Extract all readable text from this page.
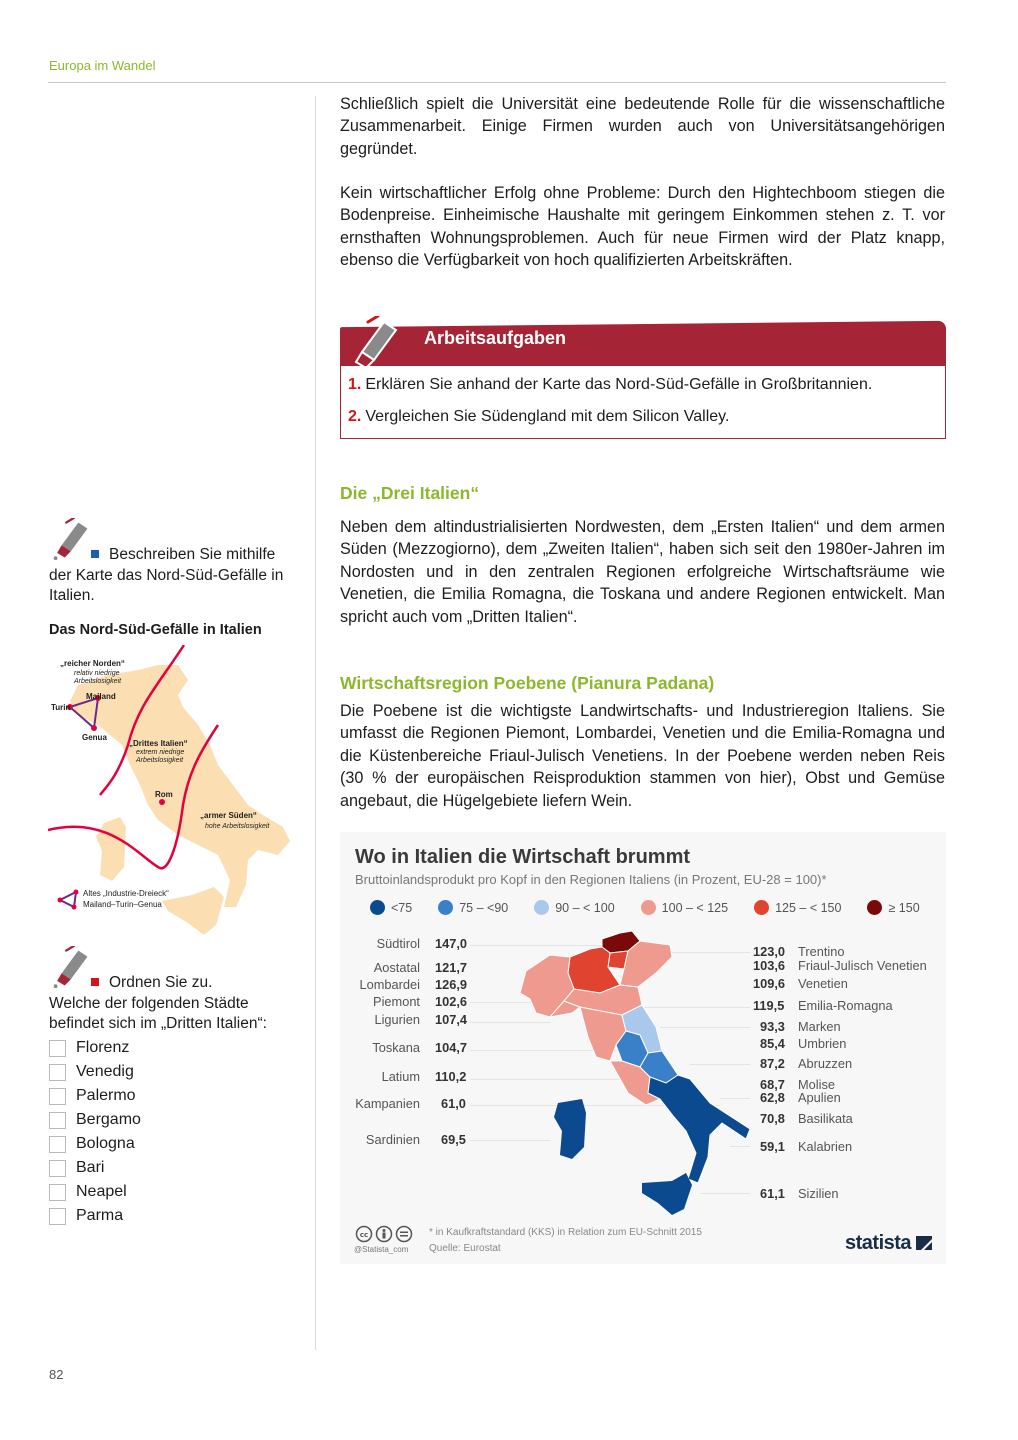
Europa im Wandel

Schließlich spielt die Universität eine bedeutende Rolle für die wissenschaftliche Zusammenarbeit. Einige Firmen wurden auch von Universitätsangehörigen gegründet.

Kein wirtschaftlicher Erfolg ohne Probleme: Durch den Hightechboom stiegen die Bodenpreise. Einheimische Haushalte mit geringem Einkommen stehen z. T. vor ernsthaften Wohnungsproblemen. Auch für neue Firmen wird der Platz knapp, ebenso die Verfügbarkeit von hoch qualifizierten Arbeitskräften.

Arbeitsaufgaben
1. Erklären Sie anhand der Karte das Nord-Süd-Gefälle in Großbritannien.
2. Vergleichen Sie Südengland mit dem Silicon Valley.
Die „Drei Italien“

Neben dem altindustrialisierten Nordwesten, dem „Ersten Italien“ und dem armen Süden (Mezzogiorno), dem „Zweiten Italien“, haben sich seit den 1980er-Jahren im Nordosten und in den zentralen Regionen erfolgreiche Wirtschaftsräume wie Venetien, die Emilia Romagna, die Toskana und andere Regionen entwickelt. Man spricht auch vom „Dritten Italien“.

Wirtschaftsregion Poebene (Pianura Padana)

Die Poebene ist die wichtigste Landwirtschafts- und Industrieregion Italiens. Sie umfasst die Regionen Piemont, Lombardei, Venetien und die Emilia-Romagna und die Küstenbereiche Friaul-Julisch Venetiens. In der Poebene werden neben Reis (30 % der europäischen Reisproduktion stammen von hier), Obst und Gemüse angebaut, die Hügelgebiete liefern Wein.

Wo in Italien die Wirtschaft brummt
Bruttoinlandsprodukt pro Kopf in den Regionen Italiens (in Prozent, EU-28 = 100)*
<75	75 – <90	90 – < 100	100 – < 125	125 – < 150	≥ 150
Südtirol 147,0
Aostatal 121,7
Lombardei 126,9
Piemont 102,6
Ligurien 107,4
Toskana 104,7
Latium 110,2
Kampanien 61,0
Sardinien 69,5
123,0 Trentino
103,6 Friaul-Julisch Venetien
109,6 Venetien
119,5 Emilia-Romagna
93,3 Marken
85,4 Umbrien
87,2 Abruzzen
68,7 Molise
62,8 Apulien
70,8 Basilikata
59,1 Kalabrien
61,1 Sizilien
cc
@Statista_com
* in Kaufkraftstandard (KKS) in Relation zum EU-Schnitt 2015
Quelle: Eurostat	statista
Beschreiben Sie mithilfe der Karte das Nord-Süd-Gefälle in Italien.
Das Nord-Süd-Gefälle in Italien
„reicher Norden“
relativ niedrige Arbeitslosigkeit
Mailand
Turin
Genua
„Drittes Italien“
extrem niedrige Arbeitslosigkeit
Rom
„armer Süden“
hohe Arbeitslosigkeit
Altes „Industrie-Dreieck“
Mailand–Turin–Genua
Ordnen Sie zu.
Welche der folgenden Städte befindet sich im „Dritten Italien“:
Florenz
Venedig
Palermo
Bergamo
Bologna
Bari
Neapel
Parma
82
